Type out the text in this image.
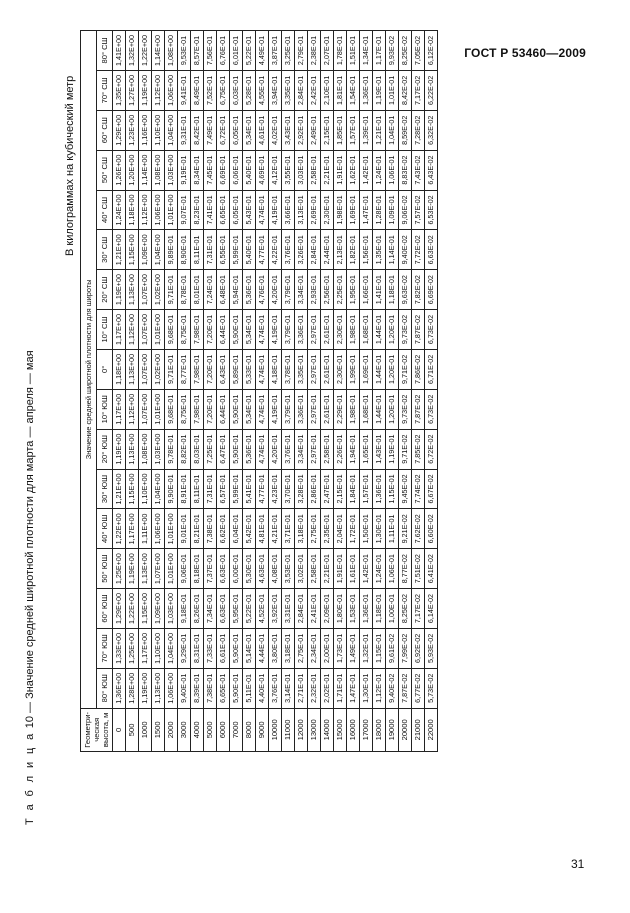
ГОСТ Р 53460—2009
Т а б л и ц а 10 — Значение средней широтной плотности для марта — апреля — мая
В килограммах на кубический метр
Геометри-ческая высота, м	Значение средней широтной плотности для широты																
	80° ЮШ	70° ЮШ	60° ЮШ	50° ЮШ	40° ЮШ	30° ЮШ	20° ЮШ	10° ЮШ	0°	10° СШ	20° СШ	30° СШ	40° СШ	50° СШ	60° СШ	70° СШ	80° СШ
0	1,36E+00	1,33E+00	1,29E+00	1,25E+00	1,22E+00	1,21E+00	1,19E+00	1,17E+00	1,18E+00	1,17E+00	1,19E+00	1,21E+00	1,24E+00	1,26E+00	1,29E+00	1,35E+00	1,41E+00
500	1,28E+00	1,25E+00	1,22E+00	1,19E+00	1,17E+00	1,15E+00	1,13E+00	1,12E+00	1,13E+00	1,12E+00	1,13E+00	1,15E+00	1,18E+00	1,20E+00	1,23E+00	1,27E+00	1,32E+00
1000	1,19E+00	1,17E+00	1,15E+00	1,13E+00	1,11E+00	1,10E+00	1,08E+00	1,07E+00	1,07E+00	1,07E+00	1,07E+00	1,09E+00	1,12E+00	1,14E+00	1,16E+00	1,19E+00	1,22E+00
1500	1,13E+00	1,10E+00	1,09E+00	1,07E+00	1,06E+00	1,04E+00	1,03E+00	1,01E+00	1,02E+00	1,01E+00	1,02E+00	1,04E+00	1,06E+00	1,08E+00	1,10E+00	1,12E+00	1,14E+00
2000	1,06E+00	1,04E+00	1,03E+00	1,01E+00	1,01E+00	9,90E-01	9,78E-01	9,68E-01	9,71E-01	9,68E-01	9,71E-01	9,89E-01	1,01E+00	1,03E+00	1,04E+00	1,06E+00	1,08E+00
3000	9,40E-01	9,29E-01	9,18E-01	9,06E-01	9,01E-01	8,91E-01	8,82E-01	8,75E-01	8,77E-01	8,75E-01	8,78E-01	8,90E-01	9,07E-01	9,19E-01	9,31E-01	9,41E-01	9,53E-01
4000	8,39E-01	8,31E-01	8,26E-01	8,18E-01	8,21E-01	8,11E-01	8,03E-01	7,98E-01	7,98E-01	7,98E-01	8,01E-01	8,11E-01	8,23E-01	8,34E-01	8,42E-01	8,49E-01	8,57E-01
5000	7,38E-01	7,33E-01	7,34E-01	7,37E-01	7,38E-01	7,31E-01	7,25E-01	7,20E-01	7,20E-01	7,20E-01	7,24E-01	7,31E-01	7,41E-01	7,45E-01	7,49E-01	7,52E-01	7,56E-01
6000	6,65E-01	6,61E-01	6,63E-01	6,63E-01	6,62E-01	6,57E-01	6,47E-01	6,44E-01	6,43E-01	6,44E-01	6,48E-01	6,55E-01	6,65E-01	6,69E-01	6,72E-01	6,75E-01	6,76E-01
7000	5,90E-01	5,90E-01	5,95E-01	6,00E-01	6,04E-01	5,99E-01	5,90E-01	5,90E-01	5,89E-01	5,90E-01	5,94E-01	5,99E-01	6,05E-01	6,06E-01	6,05E-01	6,03E-01	6,01E-01
8000	5,11E-01	5,14E-01	5,22E-01	5,30E-01	5,42E-01	5,41E-01	5,36E-01	5,34E-01	5,33E-01	5,34E-01	5,36E-01	5,40E-01	5,43E-01	5,40E-01	5,34E-01	5,28E-01	5,22E-01
9000	4,40E-01	4,44E-01	4,52E-01	4,63E-01	4,81E-01	4,77E-01	4,74E-01	4,74E-01	4,74E-01	4,74E-01	4,76E-01	4,77E-01	4,74E-01	4,69E-01	4,61E-01	4,55E-01	4,49E-01
10000	3,76E-01	3,80E-01	3,92E-01	4,08E-01	4,21E-01	4,23E-01	4,20E-01	4,19E-01	4,18E-01	4,19E-01	4,20E-01	4,22E-01	4,19E-01	4,12E-01	4,02E-01	3,94E-01	3,87E-01
11000	3,14E-01	3,18E-01	3,31E-01	3,53E-01	3,71E-01	3,70E-01	3,76E-01	3,79E-01	3,78E-01	3,79E-01	3,79E-01	3,76E-01	3,66E-01	3,55E-01	3,43E-01	3,35E-01	3,25E-01
12000	2,71E-01	2,75E-01	2,84E-01	3,02E-01	3,18E-01	3,28E-01	3,34E-01	3,36E-01	3,35E-01	3,36E-01	3,34E-01	3,26E-01	3,13E-01	3,03E-01	2,92E-01	2,84E-01	2,79E-01
13000	2,32E-01	2,34E-01	2,41E-01	2,58E-01	2,75E-01	2,86E-01	2,97E-01	2,97E-01	2,97E-01	2,97E-01	2,93E-01	2,84E-01	2,69E-01	2,58E-01	2,49E-01	2,42E-01	2,38E-01
14000	2,02E-01	2,00E-01	2,09E-01	2,21E-01	2,35E-01	2,47E-01	2,58E-01	2,61E-01	2,61E-01	2,61E-01	2,56E-01	2,44E-01	2,30E-01	2,21E-01	2,15E-01	2,10E-01	2,07E-01
15000	1,71E-01	1,73E-01	1,80E-01	1,91E-01	2,04E-01	2,15E-01	2,26E-01	2,29E-01	2,30E-01	2,30E-01	2,25E-01	2,13E-01	1,98E-01	1,91E-01	1,85E-01	1,81E-01	1,78E-01
16000	1,47E-01	1,49E-01	1,53E-01	1,61E-01	1,72E-01	1,84E-01	1,94E-01	1,98E-01	1,99E-01	1,98E-01	1,95E-01	1,82E-01	1,69E-01	1,62E-01	1,57E-01	1,54E-01	1,51E-01
17000	1,30E-01	1,32E-01	1,36E-01	1,42E-01	1,50E-01	1,57E-01	1,65E-01	1,68E-01	1,69E-01	1,68E-01	1,66E-01	1,56E-01	1,47E-01	1,42E-01	1,39E-01	1,36E-01	1,34E-01
18000	1,12E-01	1,15E-01	1,18E-01	1,24E-01	1,30E-01	1,36E-01	1,43E-01	1,44E-01	1,44E-01	1,44E-01	1,41E-01	1,35E-01	1,28E-01	1,24E-01	1,21E-01	1,19E-01	1,17E-01
19000	9,40E-02	9,61E-02	1,00E-01	1,06E-01	1,11E-01	1,15E-01	1,19E-01	1,20E-01	1,20E-01	1,20E-01	1,18E-01	1,14E-01	1,09E-01	1,06E-01	1,04E-01	1,01E-01	9,93E-02
20000	7,87E-02	7,99E-02	8,25E-02	8,77E-02	9,21E-02	9,45E-02	9,71E-02	9,73E-02	9,71E-02	9,73E-02	9,63E-02	9,40E-02	9,06E-02	8,83E-02	8,59E-02	8,42E-02	8,25E-02
21000	6,77E-02	6,92E-02	7,17E-02	7,51E-02	7,62E-02	7,74E-02	7,85E-02	7,87E-02	7,86E-02	7,87E-02	7,82E-02	7,72E-02	7,57E-02	7,43E-02	7,28E-02	7,17E-02	7,05E-02
22000	5,73E-02	5,93E-02	6,14E-02	6,41E-02	6,60E-02	6,67E-02	6,72E-02	6,73E-02	6,71E-02	6,73E-02	6,69E-02	6,63E-02	6,53E-02	6,43E-02	6,32E-02	6,22E-02	6,12E-02
31
